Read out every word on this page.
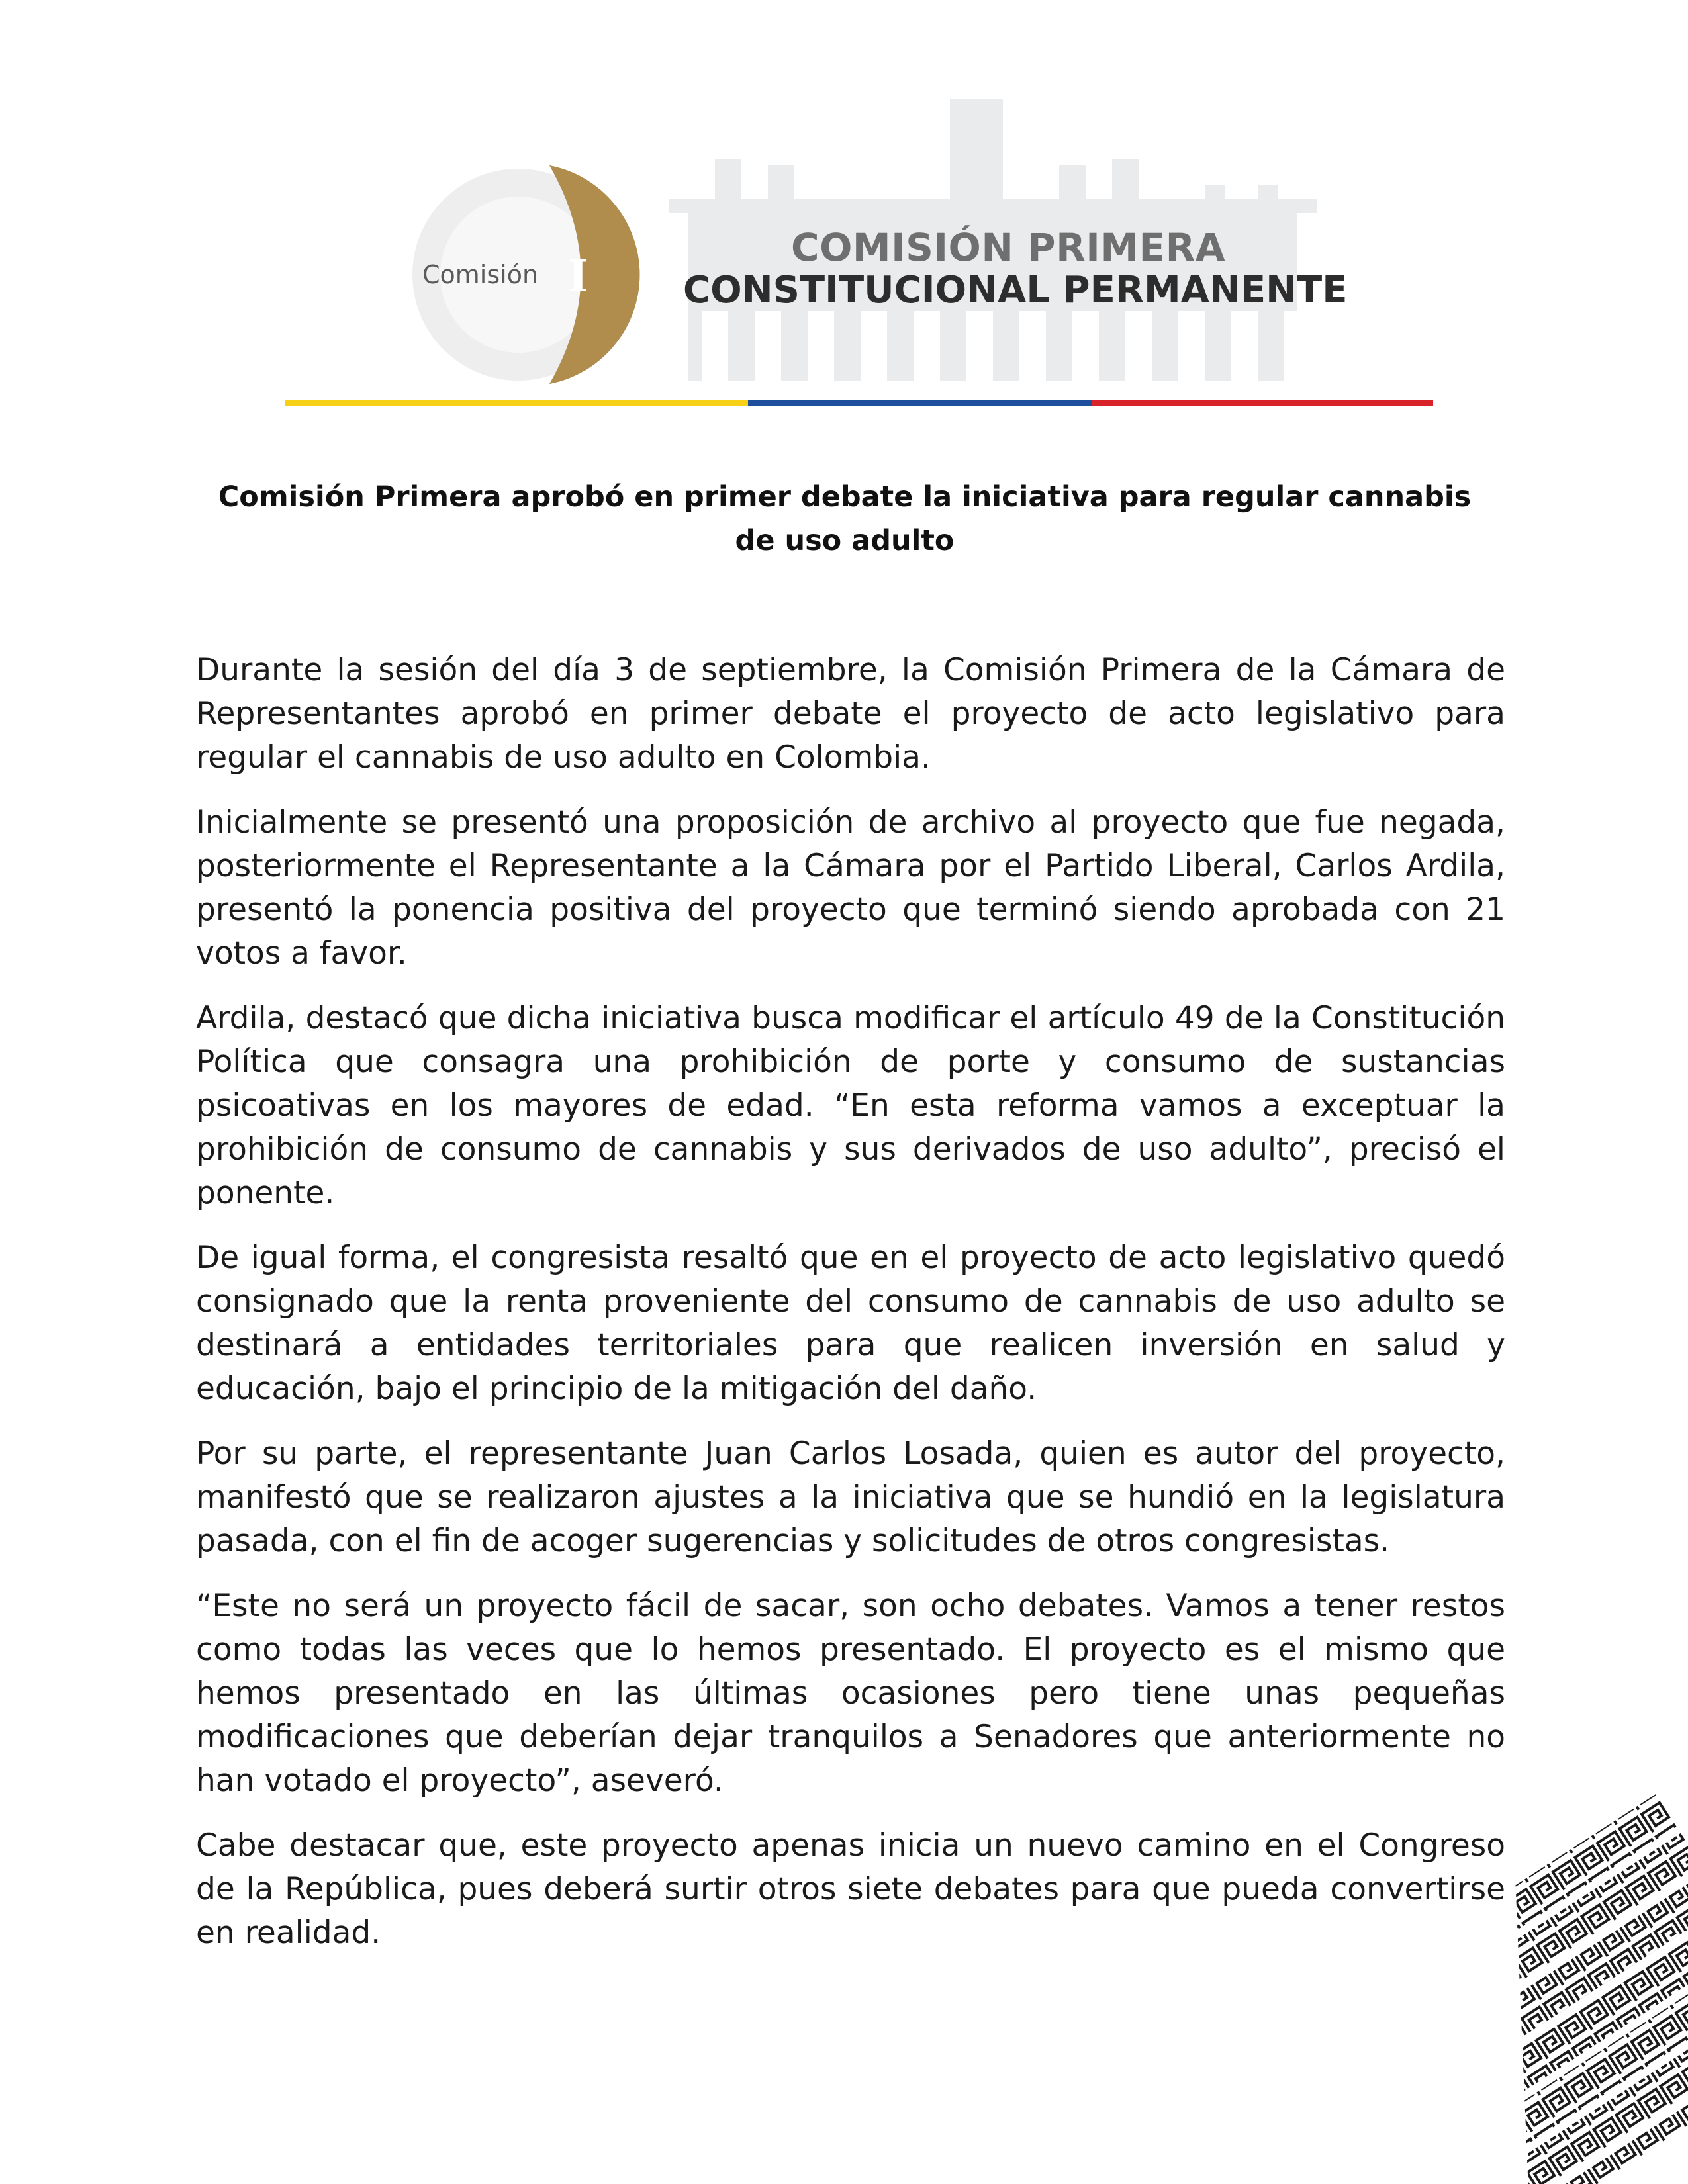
Comisión I
COMISIÓN PRIMERA
CONSTITUCIONAL PERMANENTE
Comisión Primera aprobó en primer debate la iniciativa para regular cannabis de uso adulto

Durante la sesión del día 3 de septiembre, la Comisión Primera de la Cámara de Representantes aprobó en primer debate el proyecto de acto legislativo para regular el cannabis de uso adulto en Colombia.

Inicialmente se presentó una proposición de archivo al proyecto que fue negada, posteriormente el Representante a la Cámara por el Partido Liberal, Carlos Ardila, presentó la ponencia positiva del proyecto que terminó siendo aprobada con 21 votos a favor.

Ardila, destacó que dicha iniciativa busca modificar el artículo 49 de la Constitución Política que consagra una prohibición de porte y consumo de sustancias psicoativas en los mayores de edad. “En esta reforma vamos a exceptuar la prohibición de consumo de cannabis y sus derivados de uso adulto”, precisó el ponente.

De igual forma, el congresista resaltó que en el proyecto de acto legislativo quedó consignado que la renta proveniente del consumo de cannabis de uso adulto se destinará a entidades territoriales para que realicen inversión en salud y educación, bajo el principio de la mitigación del daño.

Por su parte, el representante Juan Carlos Losada, quien es autor del proyecto, manifestó que se realizaron ajustes a la iniciativa que se hundió en la legislatura pasada, con el fin de acoger sugerencias y solicitudes de otros congresistas.

“Este no será un proyecto fácil de sacar, son ocho debates. Vamos a tener restos como todas las veces que lo hemos presentado. El proyecto es el mismo que hemos presentado en las últimas ocasiones pero tiene unas pequeñas modificaciones que deberían dejar tranquilos a Senadores que anteriormente no han votado el proyecto”, aseveró.

Cabe destacar que, este proyecto apenas inicia un nuevo camino en el Congreso de la República, pues deberá surtir otros siete debates para que pueda convertirse en realidad.
